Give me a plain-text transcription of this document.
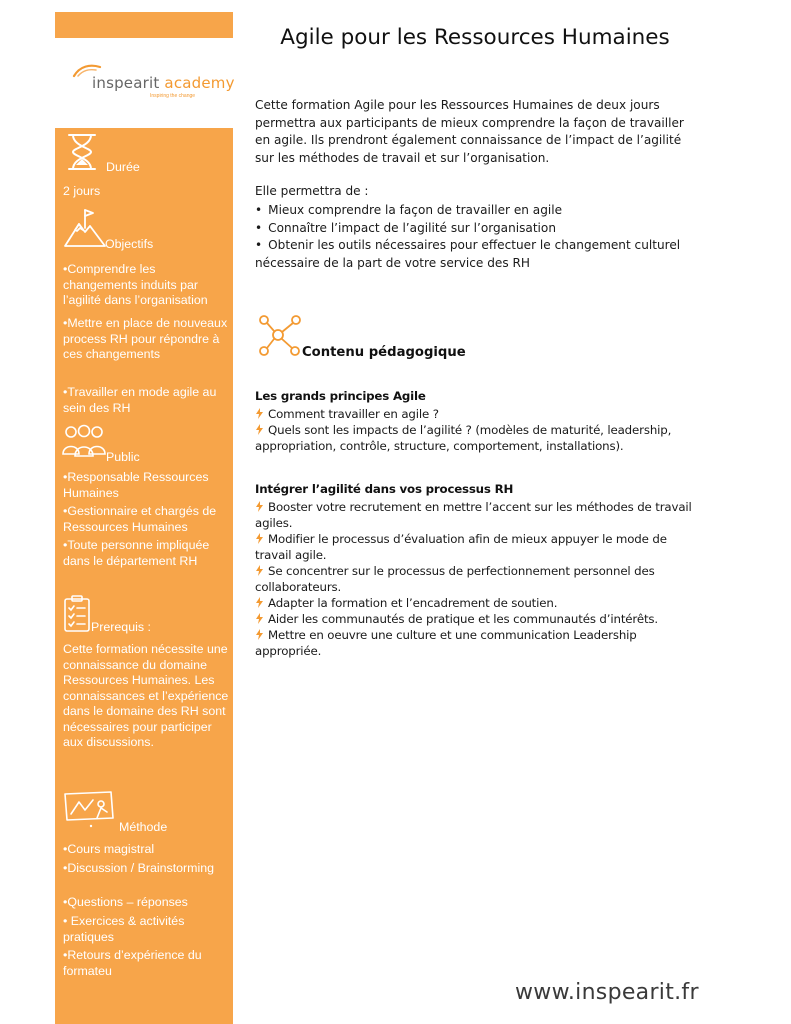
inspearit academy
Inspiring the change
Durée

2 jours

Objectifs

•Comprendre les changements induits par l’agilité dans l’organisation

•Mettre en place de nouveaux process RH pour répondre à ces changements

•Travailler en mode agile au sein des RH

Public

•Responsable Ressources Humaines

•Gestionnaire et chargés de Ressources Humaines

•Toute personne impliquée dans le département RH

Prerequis :

Cette formation nécessite une connaissance du domaine Ressources Humaines. Les connaissances et l’expérience dans le domaine des RH sont nécessaires pour participer aux discussions.

Méthode

•Cours magistral

•Discussion / Brainstorming

•Questions – réponses

• Exercices & activités pratiques

•Retours d’expérience du formateu

Agile pour les Ressources Humaines

Cette formation Agile pour les Ressources Humaines de deux jours permettra aux participants de mieux comprendre la façon de travailler en agile. Ils prendront également connaissance de l’impact de l’agilité sur les méthodes de travail et sur l’organisation.

Elle permettra de :

• Mieux comprendre la façon de travailler en agile
• Connaître l’impact de l’agilité sur l’organisation
• Obtenir les outils nécessaires pour effectuer le changement culturel nécessaire de la part de votre service des RH
Contenu pédagogique
Les grands principes Agile
Comment travailler en agile ?
Quels sont les impacts de l’agilité ? (modèles de maturité, leadership, appropriation, contrôle, structure, comportement, installations).
Intégrer l’agilité dans vos processus RH
Booster votre recrutement en mettre l’accent sur les méthodes de travail agiles.
Modifier le processus d’évaluation afin de mieux appuyer le mode de travail agile.
Se concentrer sur le processus de perfectionnement personnel des collaborateurs.
Adapter la formation et l’encadrement de soutien.
Aider les communautés de pratique et les communautés d’intérêts.
Mettre en oeuvre une culture et une communication Leadership appropriée.
www.inspearit.fr
